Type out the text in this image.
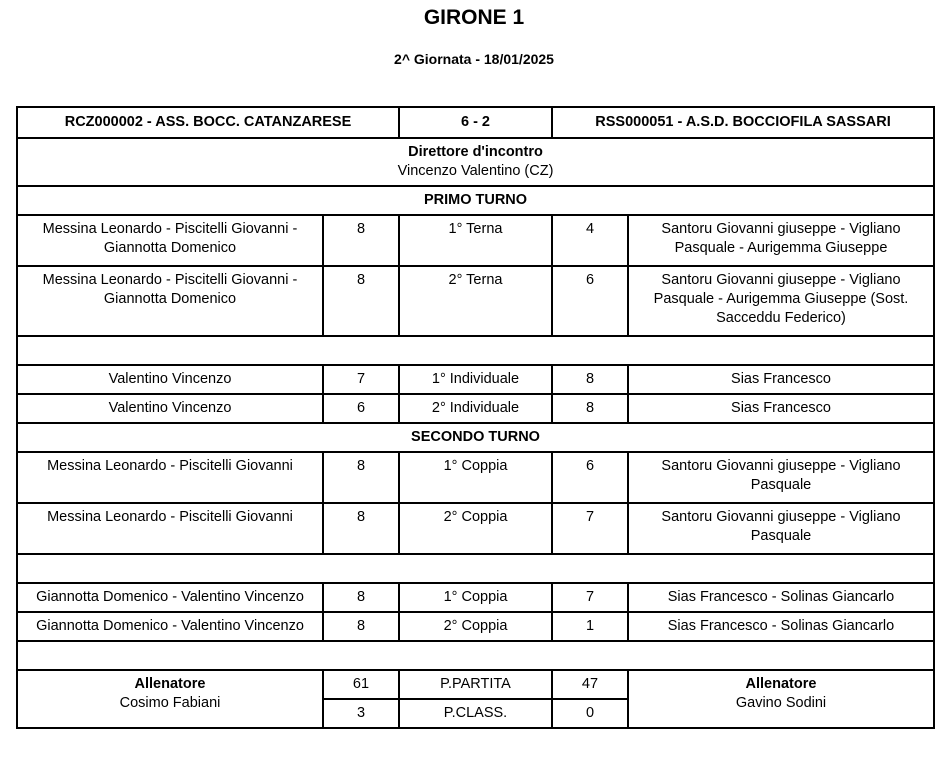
GIRONE 1
2^ Giornata - 18/01/2025
RCZ000002 - ASS. BOCC. CATANZARESE		6 - 2	RSS000051 - A.S.D. BOCCIOFILA SASSARI	

Direttore d'incontro
Vincenzo Valentino (CZ)				

PRIMO TURNO				

Messina Leonardo - Piscitelli Giovanni -
Giannotta Domenico	8	1° Terna	4	Santoru Giovanni giuseppe - Vigliano
Pasquale - Aurigemma Giuseppe

Messina Leonardo - Piscitelli Giovanni -
Giannotta Domenico	8	2° Terna	6	Santoru Giovanni giuseppe - Vigliano
Pasquale - Aurigemma Giuseppe (Sost.
Sacceddu Federico)

Valentino Vincenzo	7	1° Individuale	8	Sias Francesco
Valentino Vincenzo	6	2° Individuale	8	Sias Francesco
SECONDO TURNO				
Messina Leonardo - Piscitelli Giovanni	8	1° Coppia	6	Santoru Giovanni giuseppe - Vigliano
Pasquale

Messina Leonardo - Piscitelli Giovanni	8	2° Coppia	7	Santoru Giovanni giuseppe - Vigliano
Pasquale

Giannotta Domenico - Valentino Vincenzo	8	1° Coppia	7	Sias Francesco - Solinas Giancarlo
Giannotta Domenico - Valentino Vincenzo	8	2° Coppia	1	Sias Francesco - Solinas Giancarlo

Allenatore
Cosimo Fabiani	61	P.PARTITA	47	Allenatore
Gavino Sodini

	3	P.CLASS.	0	
